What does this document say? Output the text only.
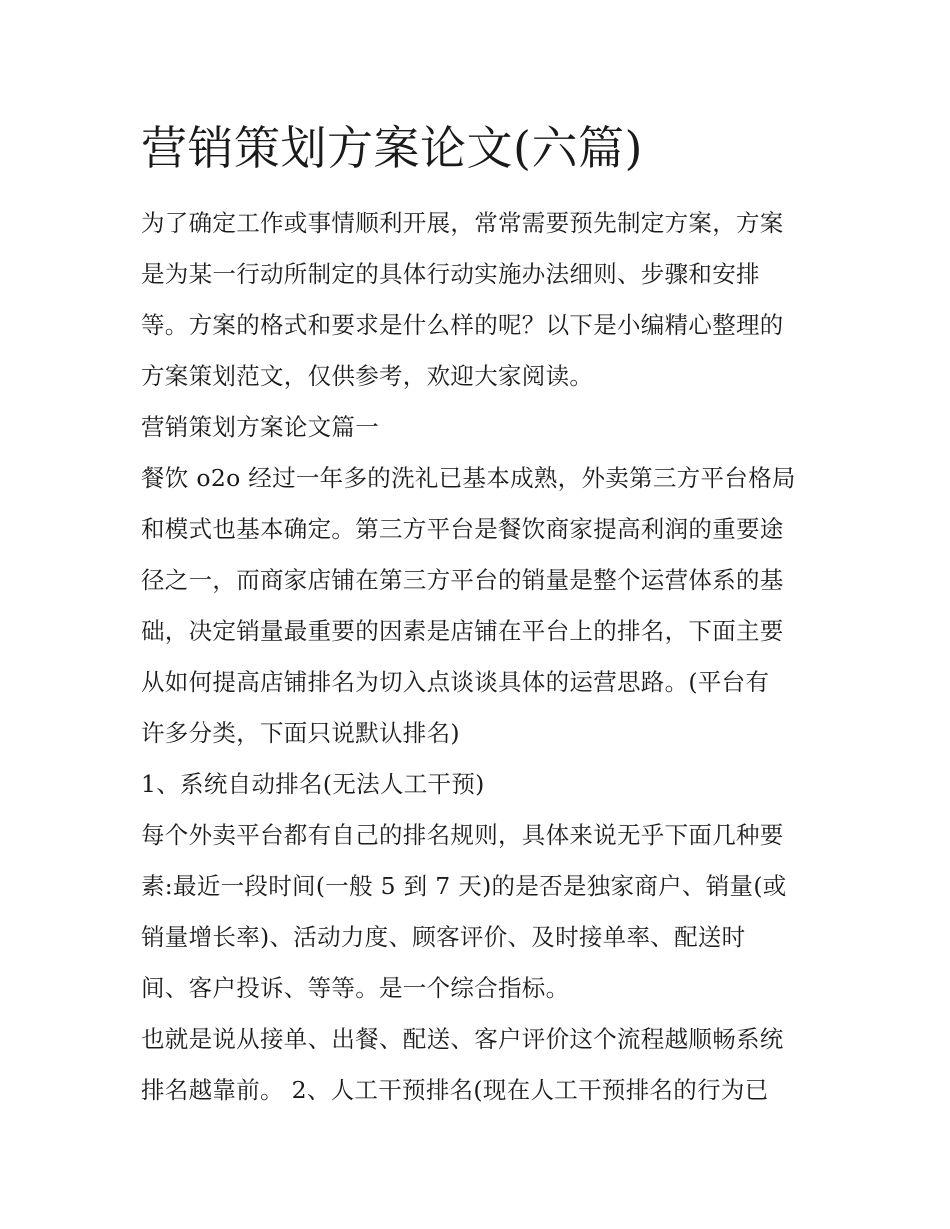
营销策划方案论文(六篇)

为了确定工作或事情顺利开展，常常需要预先制定方案，方案

是为某一行动所制定的具体行动实施办法细则、步骤和安排

等。方案的格式和要求是什么样的呢？以下是小编精心整理的

方案策划范文，仅供参考，欢迎大家阅读。

营销策划方案论文篇一

餐饮 o2o 经过一年多的洗礼已基本成熟，外卖第三方平台格局

和模式也基本确定。第三方平台是餐饮商家提高利润的重要途

径之一，而商家店铺在第三方平台的销量是整个运营体系的基

础，决定销量最重要的因素是店铺在平台上的排名，下面主要

从如何提高店铺排名为切入点谈谈具体的运营思路。(平台有

许多分类，下面只说默认排名)

1、系统自动排名(无法人工干预)

每个外卖平台都有自己的排名规则，具体来说无乎下面几种要

素:最近一段时间(一般 5 到 7 天)的是否是独家商户、销量(或

销量增长率)、活动力度、顾客评价、及时接单率、配送时

间、客户投诉、等等。是一个综合指标。

也就是说从接单、出餐、配送、客户评价这个流程越顺畅系统

排名越靠前。 2、人工干预排名(现在人工干预排名的行为已
